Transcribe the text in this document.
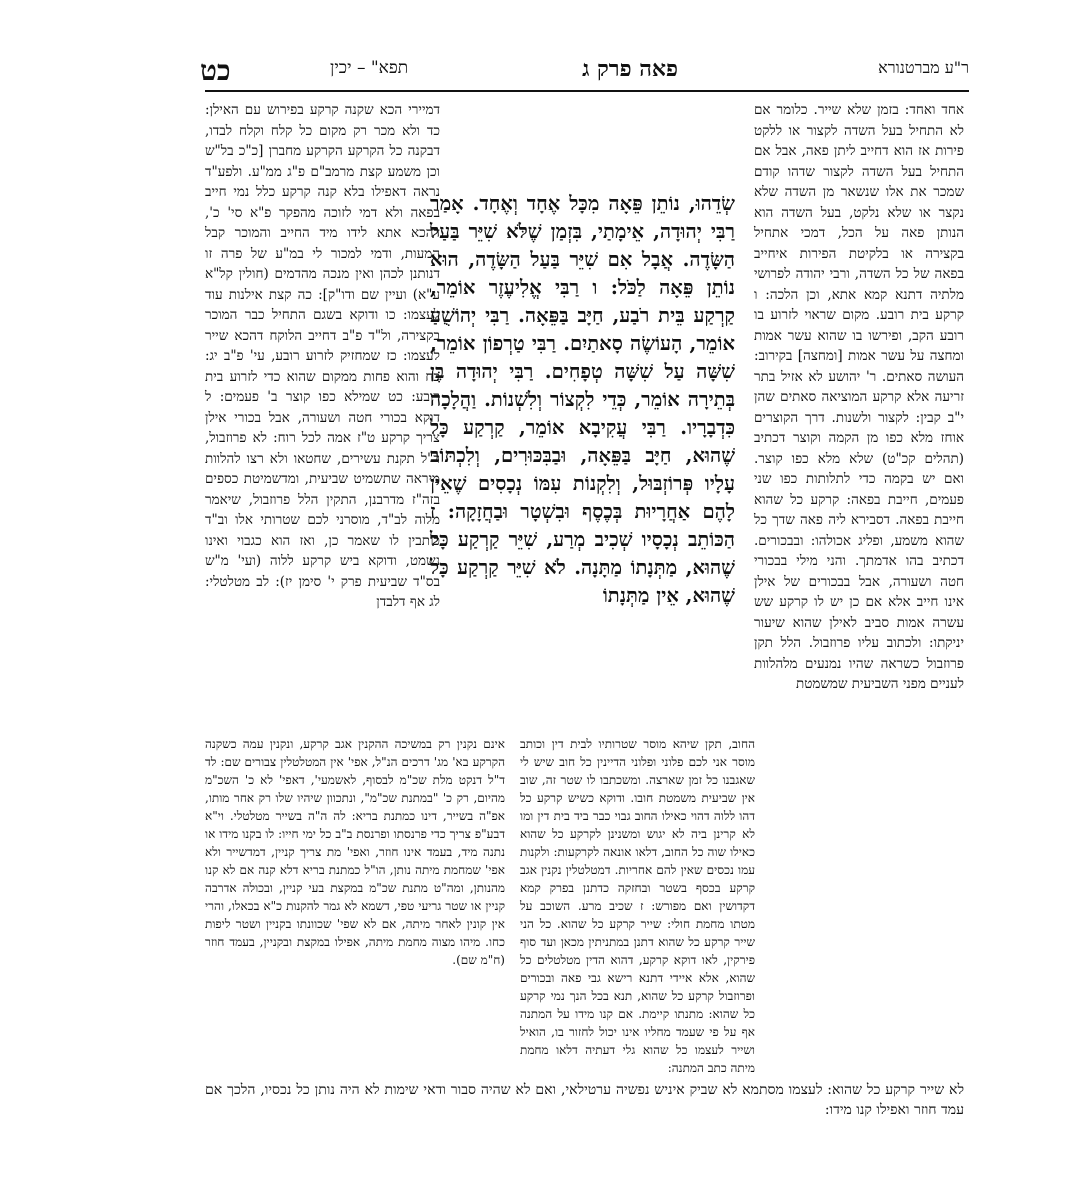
כט	תפא" – יכין	פאה פרק ג	ר"ע מברטנורא

אחד ואחד: בזמן שלא שייר. כלומר אם לא התחיל בעל השדה לקצור או ללקט פירות אז הוא דחייב ליתן פאה, אבל אם התחיל בעל השדה לקצור שדהו קודם שמכר את אלו שנשאר מן השדה שלא נקצר או שלא נלקט, בעל השדה הוא הנותן פאה על הכל, דמכי אתחיל בקצירה או בלקיטת הפירות איחייב בפאה של כל השדה, ורבי יהודה לפרושי מלתיה דתנא קמא אתא, וכן הלכה: ו קרקע בית רובע. מקום שראוי לזרוע בו רובע הקב, ופירשו בו שהוא עשר אמות ומחצה על עשר אמות [ומחצה] בקירוב: העושה סאתים. ר' יהושע לא אזיל בתר זריעה אלא קרקע המוציאה סאתים שהן י"ב קבין: לקצור ולשנות. דרך הקוצרים אוחז מלא כפו מן הקמה וקוצר דכתיב (תהלים קכ"ט) שלא מלא כפו קוצר. ואם יש בקמה כדי לתלותות כפו שני פעמים, חייבת בפאה: קרקע כל שהוא חייבת בפאה. דסבירא ליה פאה שדך כל שהוא משמע, ופליג אכולהו: ובבכורים. דכתיב בהו אדמתך. והני מילי בבכורי חטה ושעורה, אבל בבכורים של אילן אינו חייב אלא אם כן יש לו קרקע שש עשרה אמות סביב לאילן שהוא שיעור יניקתו: ולכתוב עליו פרוזבול. הלל תקן פרוזבול כשראה שהיו נמנעים מלהלוות לעניים מפני השביעית שמשמטת

דמיירי הכא שקנה קרקע בפירוש עם האילן: כד ולא מכר רק מקום כל קלח וקלח לבדו, דבקנה כל הקרקע הקרקע מחברן [כ"כ בל"ש וכן משמע קצת מרמב"ם פ"ג ממ"ע. ולפע"ד נראה דאפילו בלא קנה קרקע כלל נמי חייב בפאה ולא דמי לזוכה מהפקר פ"א סי' כ', דהכא אתא לידו מיד החייב והמוכר קבל המעות, ודמי למכור לי במ"ע של פרה זו דנותנן לכהן ואין מנכה מהדמים (חולין קל"א ע"א) ועיין שם ודו"ק]: כה קצת אילנות עוד לעצמו: כו ודוקא בשגם התחיל כבר המוכר בקצירה, ול"ד פ"ב דחייב הלוקח דהכא שייר לעצמו: כז שמחזיק לזרוע רובע, עי' פ"ב יג: כח והוא פחות ממקום שהוא כדי לזרוע בית רובע: כט שמילא כפו קוצר ב' פעמים: ל דוקא בכורי חטה ושעורה, אבל בכורי אילן צריך קרקע ט"ז אמה לכל רוח: לא פרוזבול, ר"ל תקנת עשירים, שחטאו ולא רצו להלוות מיראה שתשמיט שביעית, ומדשמיטת כספים בזה"ז מדרבנן, התקין הלל פרוזבול, שיאמר מלוה לב"ד, מוסרני לכם שטרותי אלו וב"ד כותבין לו שאמר כן, ואז הוא כגבוי ואינו נשמט, ודוקא ביש קרקע ללוה (ועי' מ"ש בס"ד שביעית פרק י' סימן יז): לב מטלטלי: לג אף דלבדן

שְׂדֵהוּ, נוֹתֵן פֵּאָה מִכָּל אֶחָד וְאֶחָד. אָמַר רַבִּי יְהוּדָה, אֵימָתַי, בִּזְמַן שֶׁלֹּא שִׁיֵּר בַּעַל הַשָּׂדֶה. אֲבָל אִם שִׁיֵּר בַּעַל הַשָּׂדֶה, הוּא נוֹתֵן פֵּאָה לַכֹּל: ו רַבִּי אֱלִיעֶזֶר אוֹמֵר, קַרְקַע בֵּית רֹבַע, חַיָּב בַּפֵּאָה. רַבִּי יְהוֹשֻׁעַ אוֹמֵר, הָעוֹשֶׂה סָאתַיִם. רַבִּי טַרְפוֹן אוֹמֵר, שִׁשָּׁה עַל שִׁשָּׁה טְפָחִים. רַבִּי יְהוּדָה בֶּן בְּתֵירָה אוֹמֵר, כְּדֵי לִקְצוֹר וְלִשְׁנוֹת. וַהֲלָכָה כִּדְבָרָיו. רַבִּי עֲקִיבָא אוֹמֵר, קַרְקַע כָּל שֶׁהוּא, חַיָּב בַּפֵּאָה, וּבַבִּכּוּרִים, וְלִכְתּוֹב עָלָיו פְּרוֹזְבּוּל, וְלִקְנוֹת עִמּוֹ נְכָסִים שֶׁאֵין לָהֶם אַחֲרָיוּת בְּכֶסֶף וּבִשְׁטָר וּבַחֲזָקָה: ז הַכּוֹתֵב נְכָסָיו שְׁכִיב מְרַע, שִׁיֵּר קַרְקַע כָּל שֶׁהוּא, מַתְּנָתוֹ מַתָּנָה. לֹא שִׁיֵּר קַרְקַע כָּל שֶׁהוּא, אֵין מַתְּנָתוֹ

אינם נקנין רק במשיכה ההקנין אגב קרקע, ונקנין עמה כשקנה הקרקע בא' מג' דרכים הנ"ל, אפי' אין המטלטלין צבורים שם: לד ד"ל דנקט מלת שכ"מ לבסוף, לאשמעי', דאפי' לא כ' השכ"מ מהיום, רק כ' "במתנת שכ"מ", ונתכוון שיהיו שלו רק אחר מותו, אפ"ה בשייר, דינו כמתנת בריא: לה ה"ה בשייר מטלטלי. וי"א דבע"פ צריך כדי פרנסתו ופרנסת ב"ב כל ימי חייו: לו בקנו מידו או נתנה מיד, בעמד אינו חוזר, ואפי' מת צריך קניין, דמדשייר ולא אפי' שמחמת מיתה נותן, הו"ל כמתנת בריא דלא קנה אם לא קנו מהנותן, ומה"ט מתנת שכ"מ במקצת בעי קניין, ובכולה אדרבה קניין או שטר גריעי טפי, דשמא לא גמר להקנות כ"א בכאלו, והרי אין קונין לאחר מיתה, אם לא שפי' שכוונתו בקניין ושטר ליפות כחו. מיהו מצוה מחמת מיתה, אפילו במקצת ובקניין, בעמד חוזר (ח"מ שם).

החוב, תקן שיהא מוסר שטרותיו לבית דין וכותב מוסר אני לכם פלוני ופלוני הדיינין כל חוב שיש לי שאגבנו כל זמן שארצה. ומשכתבו לו שטר זה, שוב אין שביעית משמטת חובו. ודוקא כשיש קרקע כל דהו ללוה דהוי כאילו החוב גבוי כבר ביד בית דין ומו לא קרינן ביה לא יגוש ומשנינן לקרקע כל שהוא כאילו שוה כל החוב, דלאו אונאה לקרקעות: ולקנות עמו נכסים שאין להם אחריות. דמטלטלין נקנין אגב קרקע בכסף בשטר ובחזקה כדתנן בפרק קמא דקדושין ואם מפורש: ז שכיב מרע. השוכב על מטתו מחמת חולי: שייר קרקע כל שהוא. כל הני שייר קרקע כל שהוא דתנן במתניתין מכאן ועד סוף פירקין, לאו דוקא קרקע, דהוא הדין מטלטלים כל שהוא, אלא איידי דתנא רישא גבי פאה ובכורים ופרוזבול קרקע כל שהוא, תנא בכל הנך נמי קרקע כל שהוא: מתנתו קיימת. אם קנו מידו על המתנה אף על פי שעמד מחליו אינו יכול לחזור בו, הואיל ושייר לעצמו כל שהוא גלי דעתיה דלאו מחמת מיתה כתב המתנה:

לא שייר קרקע כל שהוא: לעצמו מסתמא לא שביק איניש נפשיה ערטילאי, ואם לא שהיה סבור ודאי שימות לא היה נותן כל נכסיו, הלכך אם עמד חוזר ואפילו קנו מידו:
